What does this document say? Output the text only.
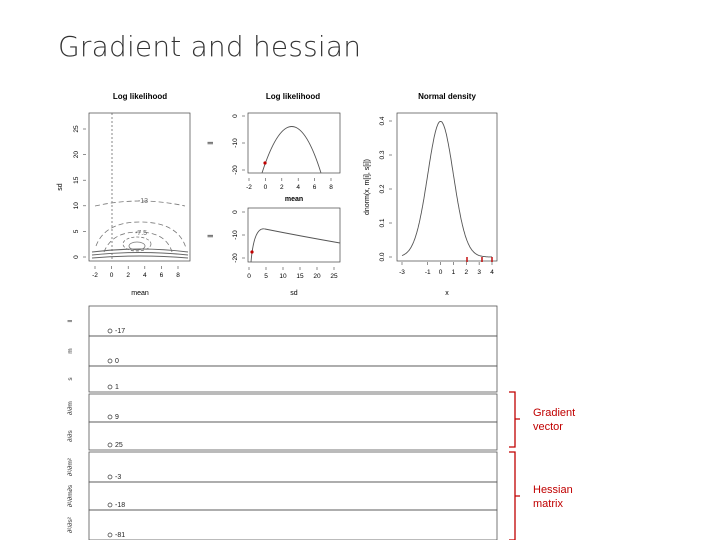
Gradient and hessian
Log likelihood
-13
-7.5
-2 0 2 4 6 8
0
5
10
15
20
25
mean
sd
Log likelihood
-2 0 2 4 6 8
-20
-10
0
mean
ll
0 5 10 15 20 25
-20
-10
0
sd
ll
Normal density
-3	-1 0 1 2 3 4
0.0
0.1
0.2
0.3
0.4
x
dnorm(x, m[i], s[i])
ll
-17
m
0
s
1
∂/∂m
9
∂/∂s
25
∂²/∂m²
-3
∂²/∂m∂s	-18
∂²/∂s²
-81
Gradient
vector
Hessian
matrix
